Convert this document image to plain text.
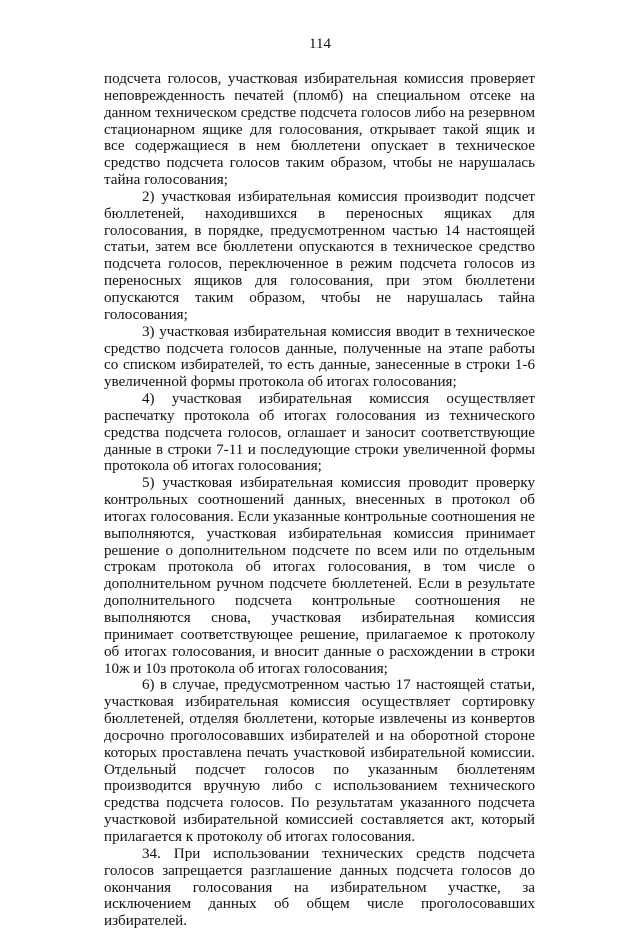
114

подсчета голосов, участковая избирательная комиссия проверяет неповрежденность печатей (пломб) на специальном отсеке на данном техническом средстве подсчета голосов либо на резервном стационарном ящике для голосования, открывает такой ящик и все содержащиеся в нем бюллетени опускает в техническое средство подсчета голосов таким образом, чтобы не нарушалась тайна голосования;

2) участковая избирательная комиссия производит подсчет бюллетеней, находившихся в переносных ящиках для голосования, в порядке, предусмотренном частью 14 настоящей статьи, затем все бюллетени опускаются в техническое средство подсчета голосов, переключенное в режим подсчета голосов из переносных ящиков для голосования, при этом бюллетени опускаются таким образом, чтобы не нарушалась тайна голосования;

3) участковая избирательная комиссия вводит в техническое средство подсчета голосов данные, полученные на этапе работы со списком избирателей, то есть данные, занесенные в строки 1-6 увеличенной формы протокола об итогах голосования;

4) участковая избирательная комиссия осуществляет распечатку протокола об итогах голосования из технического средства подсчета голосов, оглашает и заносит соответствующие данные в строки 7-11 и последующие строки увеличенной формы протокола об итогах голосования;

5) участковая избирательная комиссия проводит проверку контрольных соотношений данных, внесенных в протокол об итогах голосования. Если указанные контрольные соотношения не выполняются, участковая избирательная комиссия принимает решение о дополнительном подсчете по всем или по отдельным строкам протокола об итогах голосования, в том числе о дополнительном ручном подсчете бюллетеней. Если в результате дополнительного подсчета контрольные соотношения не выполняются снова, участковая избирательная комиссия принимает соответствующее решение, прилагаемое к протоколу об итогах голосования, и вносит данные о расхождении в строки 10ж и 10з протокола об итогах голосования;

6) в случае, предусмотренном частью 17 настоящей статьи, участковая избирательная комиссия осуществляет сортировку бюллетеней, отделяя бюллетени, которые извлечены из конвертов досрочно проголосовавших избирателей и на оборотной стороне которых проставлена печать участковой избирательной комиссии. Отдельный подсчет голосов по указанным бюллетеням производится вручную либо с использованием технического средства подсчета голосов. По результатам указанного подсчета участковой избирательной комиссией составляется акт, который прилагается к протоколу об итогах голосования.

34. При использовании технических средств подсчета голосов запрещается разглашение данных подсчета голосов до окончания голосования на избирательном участке, за исключением данных об общем числе проголосовавших избирателей.
